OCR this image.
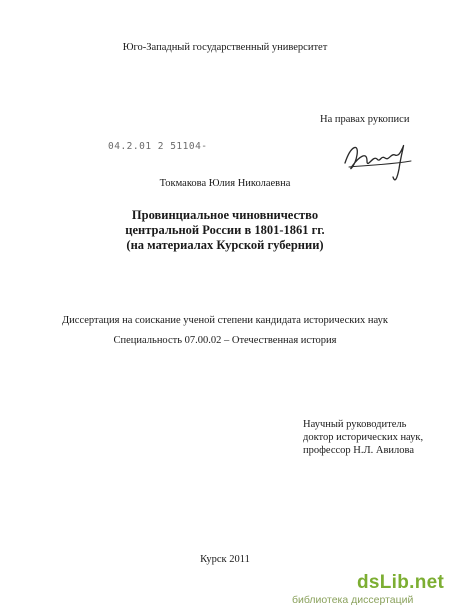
Юго-Западный государственный университет
На правах рукописи
04.2.01 2 51104-
Токмакова Юлия Николаевна
Провинциальное чиновничество
центральной России в 1801-1861 гг.
(на материалах Курской губернии)
Диссертация на соискание ученой степени кандидата исторических наук
Специальность 07.00.02 – Отечественная история
Научный руководитель
доктор исторических наук,
профессор Н.Л. Авилова
Курск 2011
dsLib.net
библиотека диссертаций
